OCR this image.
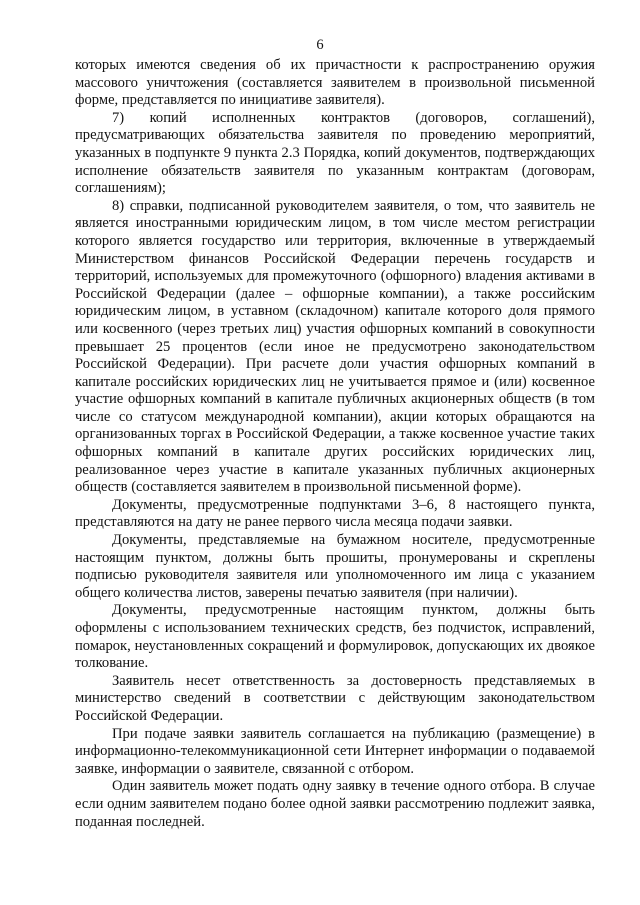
6

которых имеются сведения об их причастности к распространению оружия массового уничтожения (составляется заявителем в произвольной письменной форме, представляется по инициативе заявителя).

7) копий исполненных контрактов (договоров, соглашений), предусматривающих обязательства заявителя по проведению мероприятий, указанных в подпункте 9 пункта 2.3 Порядка, копий документов, подтверждающих исполнение обязательств заявителя по указанным контрактам (договорам, соглашениям);

8) справки, подписанной руководителем заявителя, о том, что заявитель не является иностранными юридическим лицом, в том числе местом регистрации которого является государство или территория, включенные в утверждаемый Министерством финансов Российской Федерации перечень государств и территорий, используемых для промежуточного (офшорного) владения активами в Российской Федерации (далее – офшорные компании), а также российским юридическим лицом, в уставном (складочном) капитале которого доля прямого или косвенного (через третьих лиц) участия офшорных компаний в совокупности превышает 25 процентов (если иное не предусмотрено законодательством Российской Федерации). При расчете доли участия офшорных компаний в капитале российских юридических лиц не учитывается прямое и (или) косвенное участие офшорных компаний в капитале публичных акционерных обществ (в том числе со статусом международной компании), акции которых обращаются на организованных торгах в Российской Федерации, а также косвенное участие таких офшорных компаний в капитале других российских юридических лиц, реализованное через участие в капитале указанных публичных акционерных обществ (составляется заявителем в произвольной письменной форме).

Документы, предусмотренные подпунктами 3–6, 8 настоящего пункта, представляются на дату не ранее первого числа месяца подачи заявки.

Документы, представляемые на бумажном носителе, предусмотренные настоящим пунктом, должны быть прошиты, пронумерованы и скреплены подписью руководителя заявителя или уполномоченного им лица с указанием общего количества листов, заверены печатью заявителя (при наличии).

Документы, предусмотренные настоящим пунктом, должны быть оформлены с использованием технических средств, без подчисток, исправлений, помарок, неустановленных сокращений и формулировок, допускающих их двоякое толкование.

Заявитель несет ответственность за достоверность представляемых в министерство сведений в соответствии с действующим законодательством Российской Федерации.

При подаче заявки заявитель соглашается на публикацию (размещение) в информационно-телекоммуникационной сети Интернет информации о подаваемой заявке, информации о заявителе, связанной с отбором.

Один заявитель может подать одну заявку в течение одного отбора. В случае если одним заявителем подано более одной заявки рассмотрению подлежит заявка, поданная последней.
